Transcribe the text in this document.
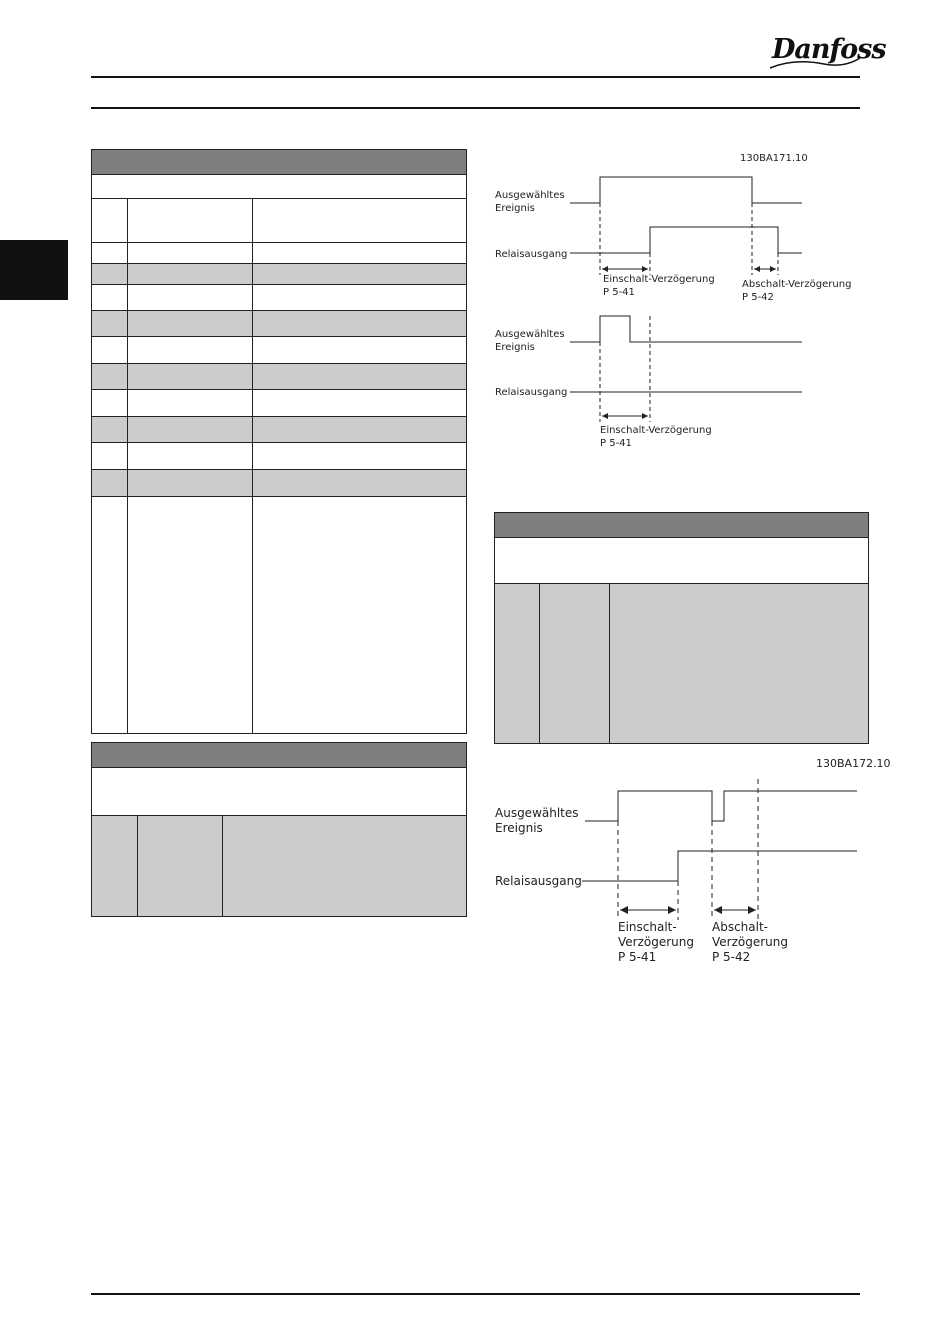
Danfoss
130BA171.10
Ausgewähltes
Ereignis
Relaisausgang
Einschalt-Verzögerung
P 5-41
Abschalt-Verzögerung
P 5-42
Ausgewähltes
Ereignis
Relaisausgang
Einschalt-Verzögerung
P 5-41
130BA172.10
Ausgewähltes
Ereignis
Relaisausgang
Einschalt-
Verzögerung
P 5-41
Abschalt-
Verzögerung
P 5-42
